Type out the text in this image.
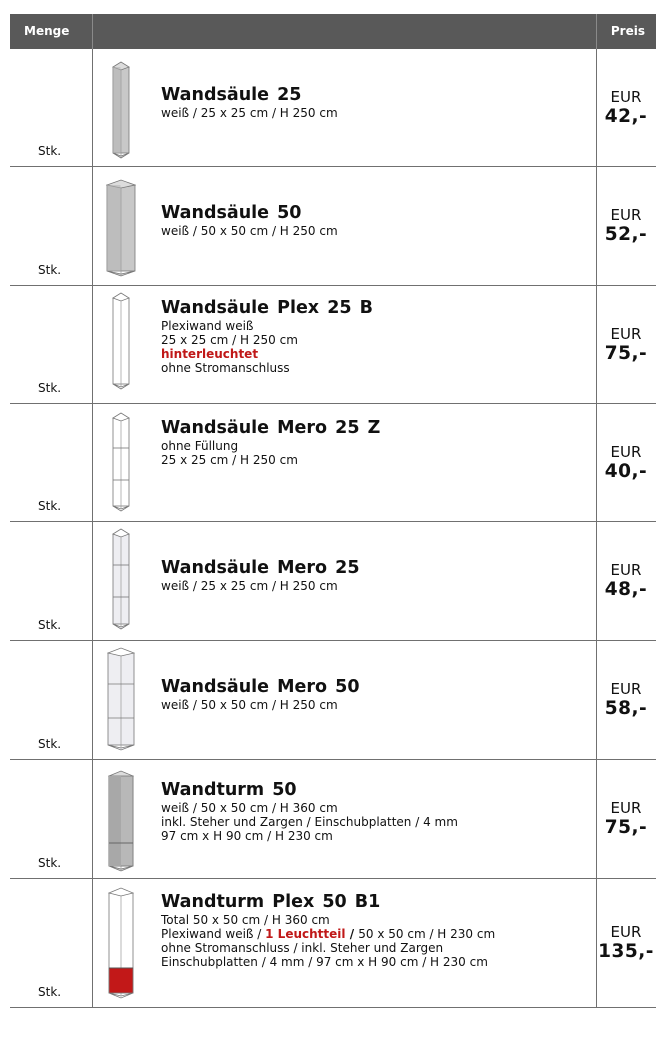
Menge	Preis
Stk.
Wandsäule 25
weiß / 25 x 25 cm / H 250 cm
EUR
42,-
Stk.
Wandsäule 50
weiß / 50 x 50 cm / H 250 cm
EUR
52,-
Stk.
Wandsäule Plex 25 B
Plexiwand weiß
25 x 25 cm / H 250 cm
hinterleuchtet
ohne Stromanschluss
EUR
75,-
Stk.
Wandsäule Mero 25 Z
ohne Füllung
25 x 25 cm / H 250 cm	EUR
40,-
Stk.
Wandsäule Mero 25
weiß / 25 x 25 cm / H 250 cm
EUR
48,-
Stk.
Wandsäule Mero 50
weiß / 50 x 50 cm / H 250 cm
EUR
58,-
Stk.
Wandturm 50
weiß / 50 x 50 cm / H 360 cm
inkl. Steher und Zargen / Einschubplatten / 4 mm
97 cm x H 90 cm / H 230 cm
EUR
75,-
Stk.
Wandturm Plex 50 B1
Total 50 x 50 cm / H 360 cm
Plexiwand weiß / 1 Leuchtteil / 50 x 50 cm / H 230 cm
ohne Stromanschluss / inkl. Steher und Zargen
Einschubplatten / 4 mm / 97 cm x H 90 cm / H 230 cm
EUR
135,-
